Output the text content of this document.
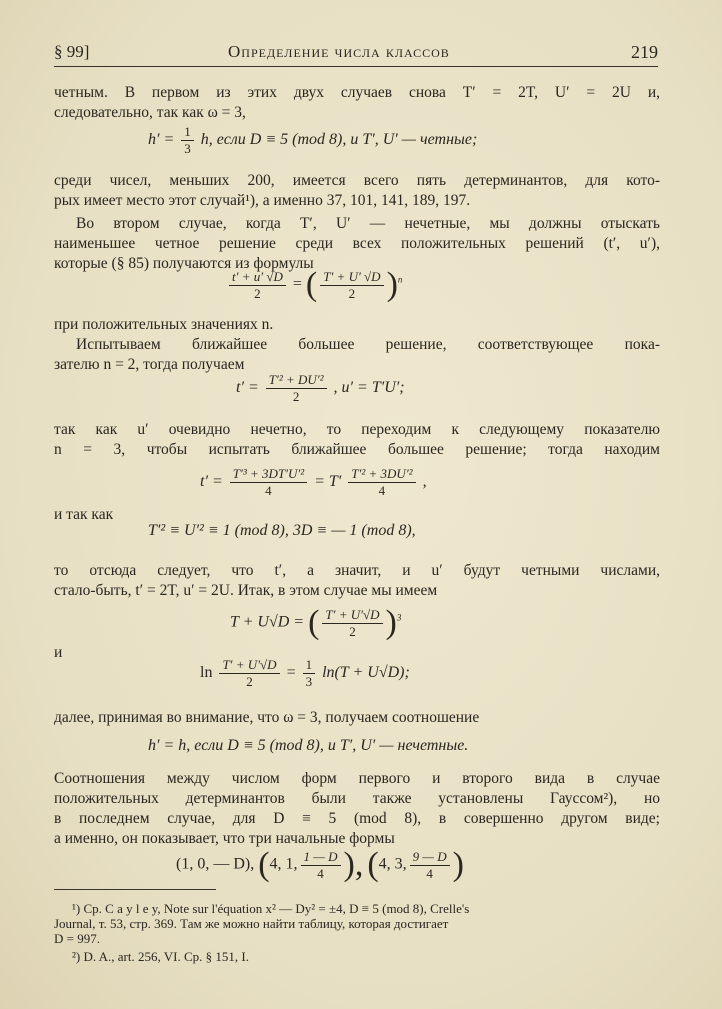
§ 99]	Определение числа классов	219
четным. В первом из этих двух случаев снова T′ = 2T, U′ = 2U и,
следовательно, так как ω = 3,
$h' = \frac{1}{3} h$, если D ≡ 5 (mod 8), и T′, U′ — четные;
среди чисел, меньших 200, имеется всего пять детерминантов, для кото-
рых имеет место этот случай¹), а именно 37, 101, 141, 189, 197.
Во втором случае, когда T′, U′ — нечетные, мы должны отыскать
наименьшее четное решение среди всех положительных решений (t′, u′),
которые (§ 85) получаются из формулы
$\frac{t' + u' √D}{2}$ = ( $\frac{T' + U' √D}{2} )^n$
при положительных значениях n.
Испытываем ближайшее большее решение, соответствующее пока-
зателю n = 2, тогда получаем
$t' = \frac{\text{T′² + DU′²}}{2}$ , u′ = T′U′;
так как u′ очевидно нечетно, то переходим к следующему показателю
n = 3, чтобы испытать ближайшее большее решение; тогда находим
$t' = \frac{\text{T′³ + 3DT′U′²}}{4} = T' \frac{\text{T′² + 3DU′²}}{4}$ ,
и так как
T′² ≡ U′² ≡ 1 (mod 8), 3D ≡ — 1 (mod 8),
то отсюда следует, что t′, а значит, и u′ будут четными числами,
стало-быть, t′ = 2T, u′ = 2U. Итак, в этом случае мы имеем
T + U√D = ( $\frac{T' + U'√D}{2} )^3$
и
$\ln \frac{T' + U'√D}{2} = \frac{1}{3} \ln(T + U√D)$;
далее, принимая во внимание, что ω = 3, получаем соотношение
h′ = h, если D ≡ 5 (mod 8), и T′, U′ — нечетные.
Соотношения между числом форм первого и второго вида в случае
положительных детерминантов были также установлены Гауссом²), но
в последнем случае, для D ≡ 5 (mod 8), в совершенно другом виде;
а именно, он показывает, что три начальные формы
(1, 0, — D), (4, 1, $\frac{1 — D}{4}$ ), (4, 3, $\frac{9 — D}{4}$ )
¹) Ср. C a y l e y, Note sur l'équation x² — Dy² = ±4, D ≡ 5 (mod 8), Crelle's
Journal, т. 53, стр. 369. Там же можно найти таблицу, которая достигает
D = 997.
²) D. A., art. 256, VI. Ср. § 151, I.
